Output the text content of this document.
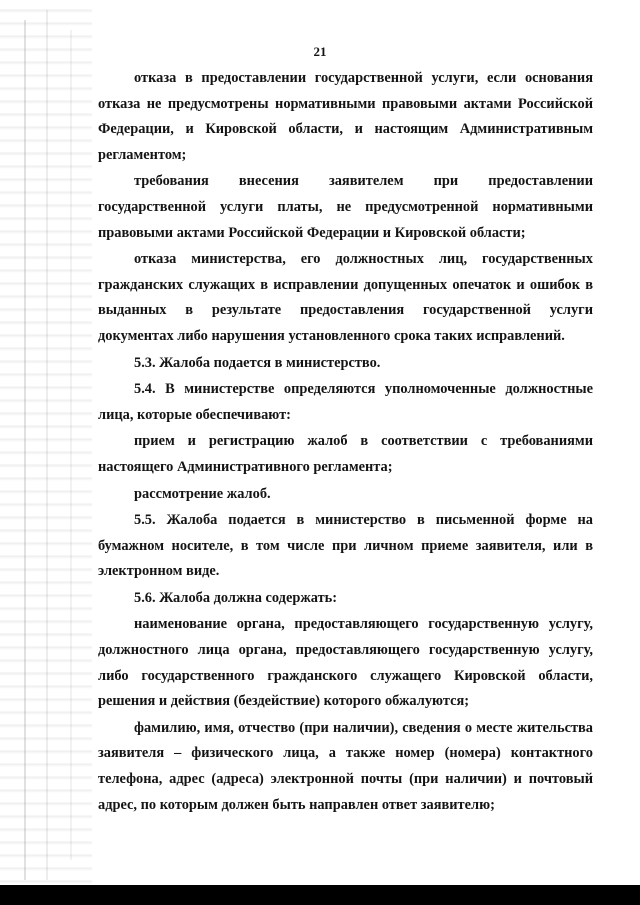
21

отказа в предоставлении государственной услуги, если основания отказа не предусмотрены нормативными правовыми актами Российской Федерации, и Кировской области, и настоящим Административным регламентом;

требования внесения заявителем при предоставлении государственной услуги платы, не предусмотренной нормативными правовыми актами Российской Федерации и Кировской области;

отказа министерства, его должностных лиц, государственных гражданских служащих в исправлении допущенных опечаток и ошибок в выданных в результате предоставления государственной услуги документах либо нарушения установленного срока таких исправлений.

5.3. Жалоба подается в министерство.

5.4. В министерстве определяются уполномоченные должностные лица, которые обеспечивают:

прием и регистрацию жалоб в соответствии с требованиями настоящего Административного регламента;

рассмотрение жалоб.

5.5. Жалоба подается в министерство в письменной форме на бумажном носителе, в том числе при личном приеме заявителя, или в электронном виде.

5.6. Жалоба должна содержать:

наименование органа, предоставляющего государственную услугу, должностного лица органа, предоставляющего государственную услугу, либо государственного гражданского служащего Кировской области, решения и действия (бездействие) которого обжалуются;

фамилию, имя, отчество (при наличии), сведения о месте жительства заявителя – физического лица, а также номер (номера) контактного телефона, адрес (адреса) электронной почты (при наличии) и почтовый адрес, по которым должен быть направлен ответ заявителю;
